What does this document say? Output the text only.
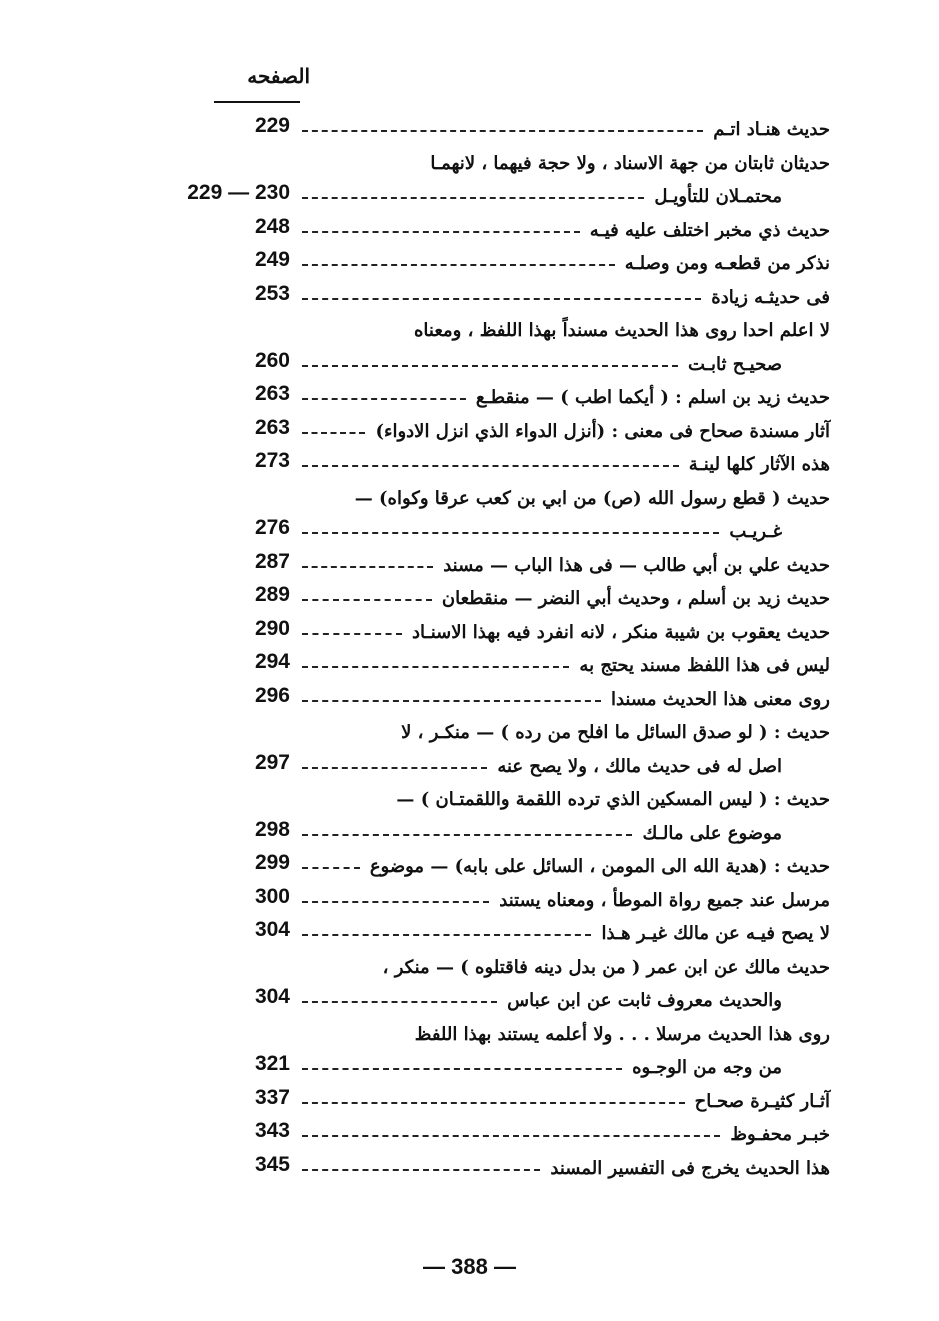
الصفحه
حديث هنـاد اتـم
229
حديثان ثابتان من جهة الاسناد ، ولا حجة فيهما ، لانهمـا
محتمـلان للتأويـل
229 — 230
حديث ذي مخبر اختلف عليه فيـه
248
نذكر من قطعـه ومن وصلـه
249
فى حديثـه زيادة
253
لا اعلم احدا روى هذا الحديث مسنداً بهذا اللفظ ، ومعناه
صحيـح ثابـت
260
حديث زيد بن اسلم : ( أيكما اطب ) — منقطـع
263
آثار مسندة صحاح فى معنى : (أنزل الدواء الذي انزل الادواء)
263
هذه الآثار كلها لينـة
273
حديث ( قطع رسول الله (ص) من ابي بن كعب عرقا وكواه) —
غـريـب
276
حديث علي بن أبي طالب — فى هذا الباب — مسند
287
حديث زيد بن أسلم ، وحديث أبي النضر — منقطعان
289
حديث يعقوب بن شيبة منكر ، لانه انفرد فيه بهذا الاسنـاد
290
ليس فى هذا اللفظ مسند يحتج به
294
روى معنى هذا الحديث مسندا
296
حديث : ( لو صدق السائل ما افلح من رده ) — منكـر ، لا
اصل له فى حديث مالك ، ولا يصح عنه
297
حديث : ( ليس المسكين الذي ترده اللقمة واللقمتـان ) —
موضوع على مالـك
298
حديث : (هدية الله الى المومن ، السائل على بابه) — موضوع
299
مرسل عند جميع رواة الموطأ ، ومعناه يستند
300
لا يصح فيـه عن مالك غيـر هـذا
304
حديث مالك عن ابن عمر ( من بدل دينه فاقتلوه ) — منكر ،
والحديث معروف ثابت عن ابن عباس
304
روى هذا الحديث مرسلا . . . ولا أعلمه يستند بهذا اللفظ
من وجه من الوجـوه
321
آثـار كثيـرة صحـاح
337
خبـر محفـوظ
343
هذا الحديث يخرج فى التفسير المسند
345
— 388 —
